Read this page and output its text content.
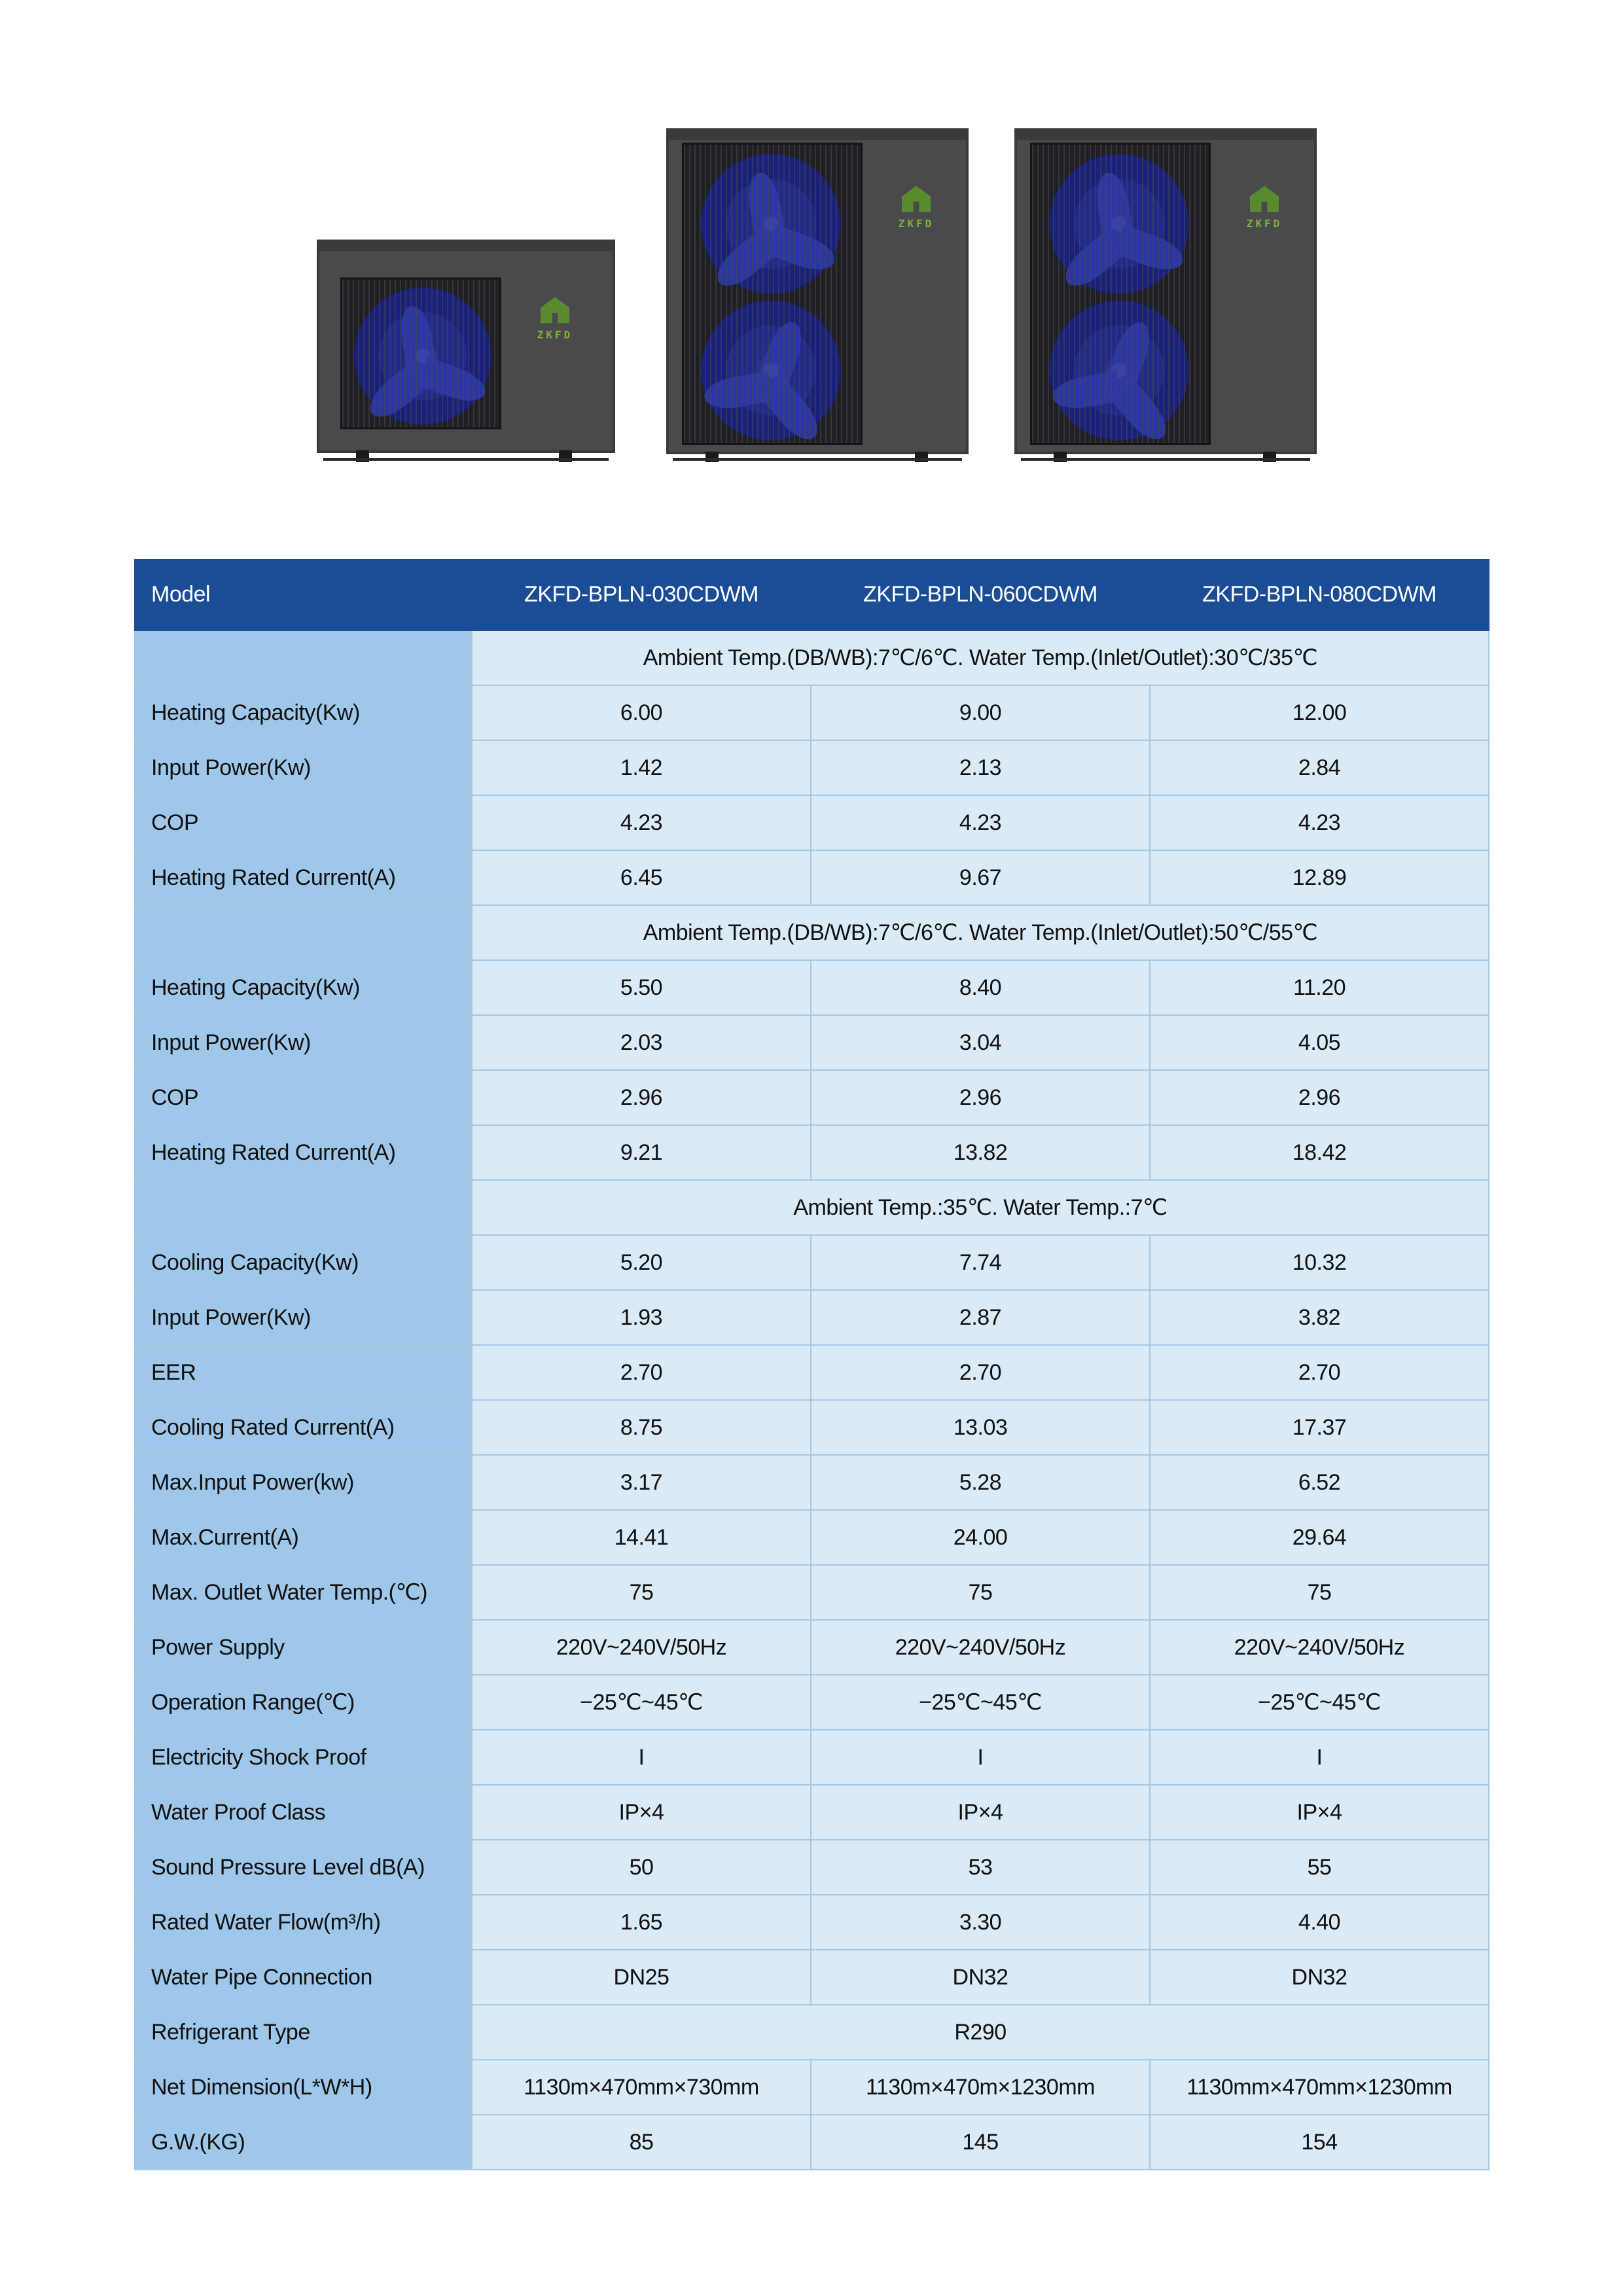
ZKFD
ZKFD	ZKFD
Model	ZKFD-BPLN-030CDWM	ZKFD-BPLN-060CDWM	ZKFD-BPLN-080CDWM
	Ambient Temp.(DB/WB):7℃/6℃. Water Temp.(Inlet/Outlet):30℃/35℃		
Heating Capacity(Kw)	6.00	9.00	12.00
Input Power(Kw)	1.42	2.13	2.84
COP	4.23	4.23	4.23
Heating Rated Current(A)	6.45	9.67	12.89
	Ambient Temp.(DB/WB):7℃/6℃. Water Temp.(Inlet/Outlet):50℃/55℃		
Heating Capacity(Kw)	5.50	8.40	11.20
Input Power(Kw)	2.03	3.04	4.05
COP	2.96	2.96	2.96
Heating Rated Current(A)	9.21	13.82	18.42
	Ambient Temp.:35℃. Water Temp.:7℃		
Cooling Capacity(Kw)	5.20	7.74	10.32
Input Power(Kw)	1.93	2.87	3.82
EER	2.70	2.70	2.70
Cooling Rated Current(A)	8.75	13.03	17.37
Max.Input Power(kw)	3.17	5.28	6.52
Max.Current(A)	14.41	24.00	29.64
Max. Outlet Water Temp.(℃)	75	75	75
Power Supply	220V~240V/50Hz	220V~240V/50Hz	220V~240V/50Hz
Operation Range(℃)	−25℃~45℃	−25℃~45℃	−25℃~45℃
Electricity Shock Proof	I	I	I
Water Proof Class	IP×4	IP×4	IP×4
Sound Pressure Level dB(A)	50	53	55
Rated Water Flow(m³/h)	1.65	3.30	4.40
Water Pipe Connection	DN25	DN32	DN32
Refrigerant Type	R290		
Net Dimension(L*W*H)	1130m×470mm×730mm	1130m×470m×1230mm	1130mm×470mm×1230mm
G.W.(KG)	85	145	154
